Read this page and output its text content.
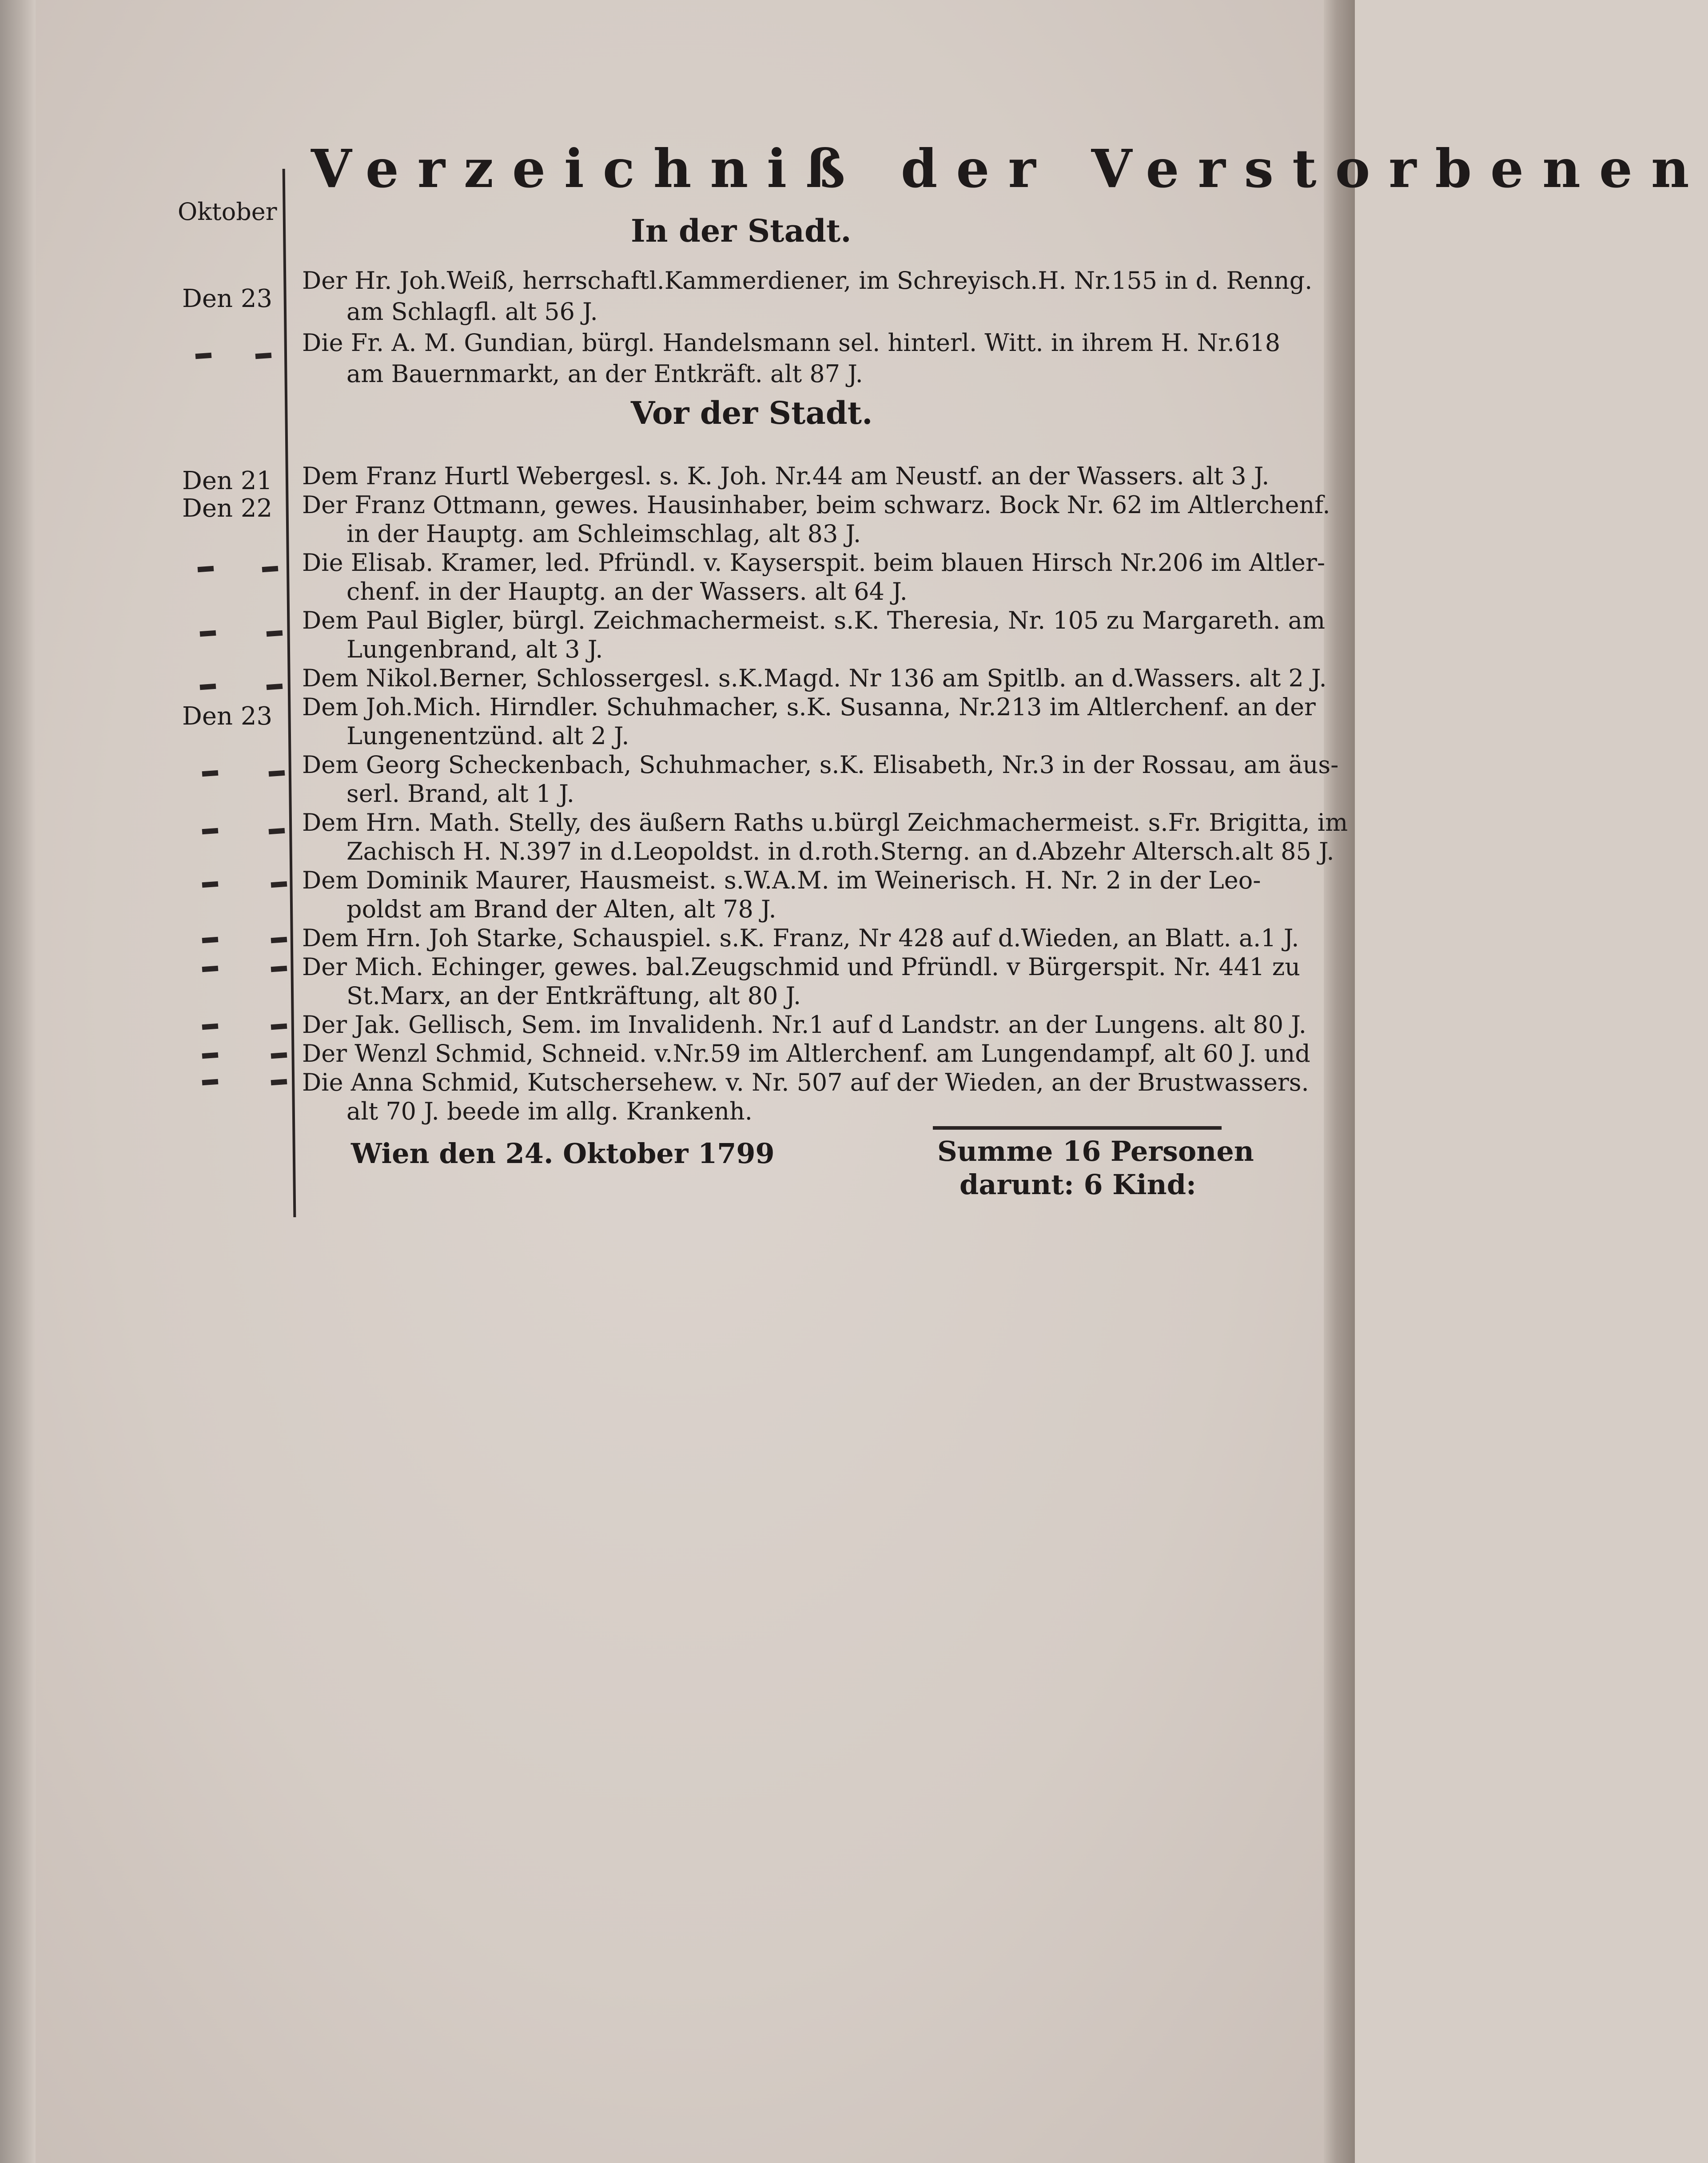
Oktober
Verzeichniß der Verstorbenen
In der Stadt.
Vor der Stadt.
Den 23
Den 21
Den 22
Den 23
Der Hr. Joh.Weiß, herrschaftl.Kammerdiener, im Schreyisch.H. Nr.155 in d. Renng.
am Schlagfl. alt 56 J.
Die Fr. A. M. Gundian, bürgl. Handelsmann sel. hinterl. Witt. in ihrem H. Nr.618
am Bauernmarkt, an der Entkräft. alt 87 J.
Dem Franz Hurtl Webergesl. s. K. Joh. Nr.44 am Neustf. an der Wassers. alt 3 J.
Der Franz Ottmann, gewes. Hausinhaber, beim schwarz. Bock Nr. 62 im Altlerchenf.
in der Hauptg. am Schleimschlag, alt 83 J.
Die Elisab. Kramer, led. Pfründl. v. Kayserspit. beim blauen Hirsch Nr.206 im Altler-
chenf. in der Hauptg. an der Wassers. alt 64 J.
Dem Paul Bigler, bürgl. Zeichmachermeist. s.K. Theresia, Nr. 105 zu Margareth. am
Lungenbrand, alt 3 J.
Dem Nikol.Berner, Schlossergesl. s.K.Magd. Nr 136 am Spitlb. an d.Wassers. alt 2 J.
Dem Joh.Mich. Hirndler. Schuhmacher, s.K. Susanna, Nr.213 im Altlerchenf. an der
Lungenentzünd. alt 2 J.
Dem Georg Scheckenbach, Schuhmacher, s.K. Elisabeth, Nr.3 in der Rossau, am äus-
serl. Brand, alt 1 J.
Dem Hrn. Math. Stelly, des äußern Raths u.bürgl Zeichmachermeist. s.Fr. Brigitta, im
Zachisch H. N.397 in d.Leopoldst. in d.roth.Sterng. an d.Abzehr Altersch.alt 85 J.
Dem Dominik Maurer, Hausmeist. s.W.A.M. im Weinerisch. H. Nr. 2 in der Leo-
poldst am Brand der Alten, alt 78 J.
Dem Hrn. Joh Starke, Schauspiel. s.K. Franz, Nr 428 auf d.Wieden, an Blatt. a.1 J.
Der Mich. Echinger, gewes. bal.Zeugschmid und Pfründl. v Bürgerspit. Nr. 441 zu
St.Marx, an der Entkräftung, alt 80 J.
Der Jak. Gellisch, Sem. im Invalidenh. Nr.1 auf d Landstr. an der Lungens. alt 80 J.
Der Wenzl Schmid, Schneid. v.Nr.59 im Altlerchenf. am Lungendampf, alt 60 J. und
Die Anna Schmid, Kutschersehew. v. Nr. 507 auf der Wieden, an der Brustwassers.
alt 70 J. beede im allg. Krankenh.
Wien den 24. Oktober 1799	Summe 16 Personen
darunt: 6 Kind:
